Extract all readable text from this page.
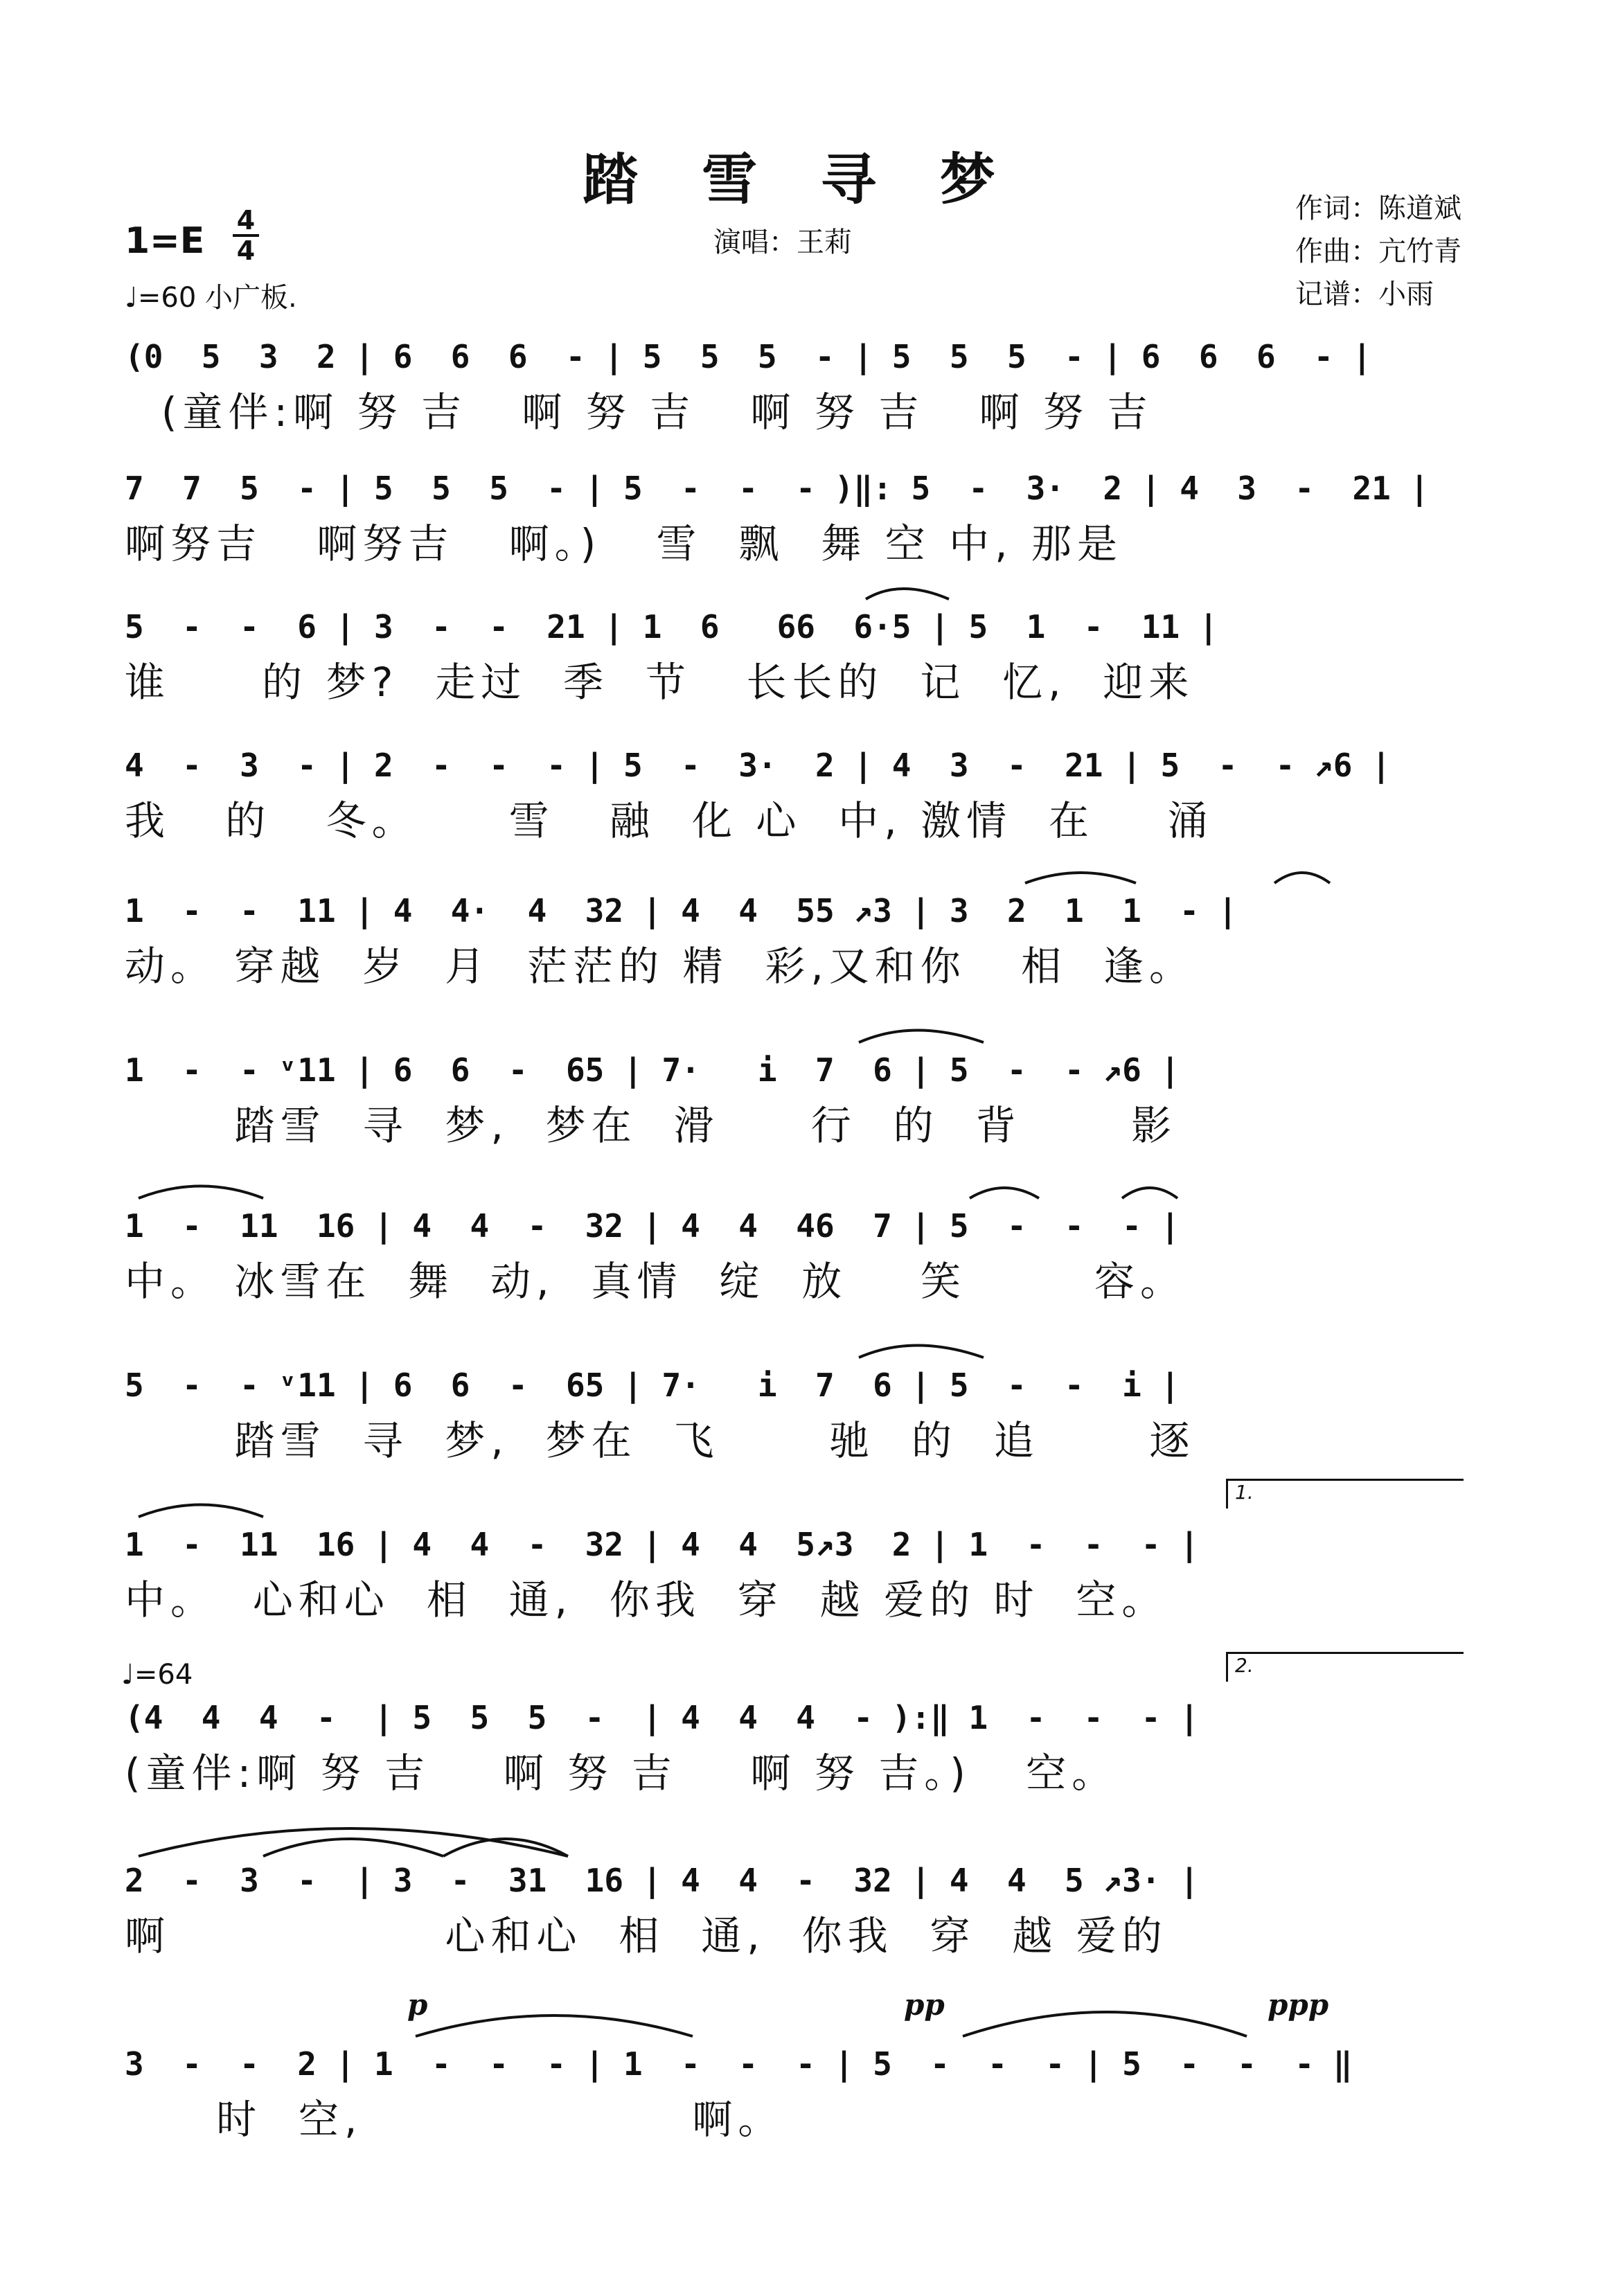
踏 雪 寻 梦
1=E 4
4
♩=60 小广板.
演唱：王莉
作词：陈道斌
作曲：亢竹青
记谱：小雨
(0  5  3  2 | 6  6  6  - | 5  5  5  - | 5  5  5  - | 6  6  6  - |
(童伴:啊 努 吉   啊 努 吉   啊 努 吉   啊 努 吉
7  7  5  - | 5  5  5  - | 5  -  -  - )‖: 5  -  3·  2 | 4  3  -  21 |
啊努吉   啊努吉   啊。)   雪  飘  舞 空 中, 那是
5  -  -  6 | 3  -  -  21 | 1  6   66  6·5 | 5  1  -  11 |
谁     的 梦?  走过  季  节   长长的  记  忆,  迎来
4  -  3  - | 2  -  -  - | 5  -  3·  2 | 4  3  -  21 | 5  -  - ↗6 |
我   的   冬。     雪   融  化 心  中, 激情  在    涌
1  -  -  11 | 4  4·  4  32 | 4  4  55 ↗3 | 3  2  1  1  - |
动。 穿越  岁  月  茫茫的 精  彩,又和你   相  逢。
1  -  - ᵛ11 | 6  6  -  65 | 7·   i  7  6 | 5  -  - ↗6 |
踏雪  寻  梦,  梦在  滑     行  的  背      影
1  -  11  16 | 4  4  -  32 | 4  4  46  7 | 5  -  -  - |
中。 冰雪在  舞  动,  真情  绽  放    笑       容。
5  -  - ᵛ11 | 6  6  -  65 | 7·   i  7  6 | 5  -  -  i |
踏雪  寻  梦,  梦在  飞      驰  的  追      逐
1.
1  -  11  16 | 4  4  -  32 | 4  4  5↗3  2 | 1  -  -  - |
中。  心和心  相  通,  你我  穿  越 爱的 时  空。
♩=64	2.
(4  4  4  -  | 5  5  5  -  | 4  4  4  - ):‖ 1  -  -  - |
(童伴:啊 努 吉    啊 努 吉    啊 努 吉。)   空。
2  -  3  -  | 3  -  31  16 | 4  4  -  32 | 4  4  5 ↗3· |
啊               心和心  相  通,  你我  穿  越 爱的
p	pp	ppp
3  -  -  2 | 1  -  -  - | 1  -  -  - | 5  -  -  - | 5  -  -  - ‖
时  空,                  啊。
